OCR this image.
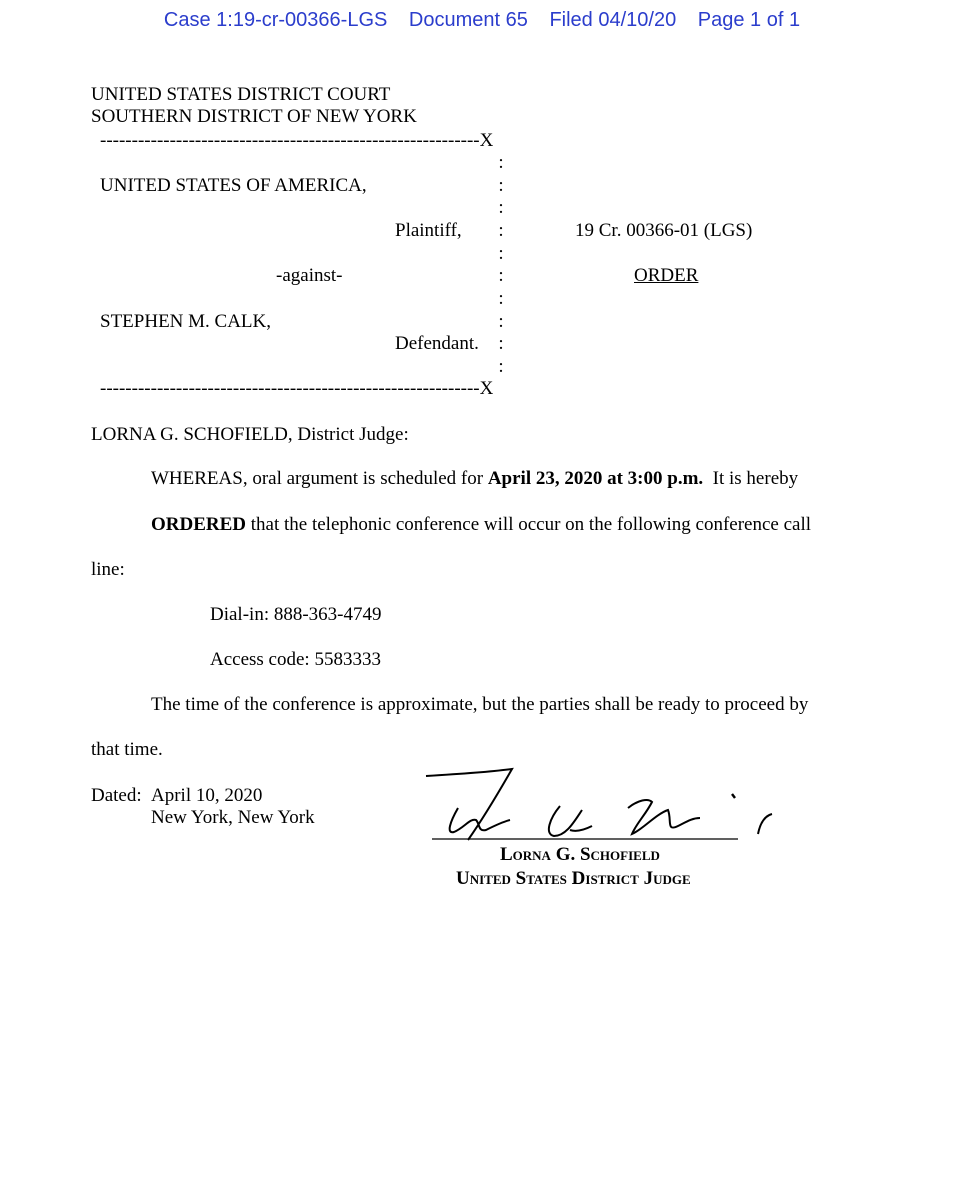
Case 1:19-cr-00366-LGS Document 65 Filed 04/10/20 Page 1 of 1
UNITED STATES DISTRICT COURT
SOUTHERN DISTRICT OF NEW YORK
------------------------------------------------------------X
:
:
:
:
:
:
:
:
:
:
UNITED STATES OF AMERICA,
Plaintiff,
-against-
STEPHEN M. CALK,
Defendant.
------------------------------------------------------------X
19 Cr. 00366-01 (LGS)
ORDER
LORNA G. SCHOFIELD, District Judge:
WHEREAS, oral argument is scheduled for April 23, 2020 at 3:00 p.m.  It is hereby
ORDERED that the telephonic conference will occur on the following conference call
line:
Dial-in: 888-363-4749
Access code: 5583333
The time of the conference is approximate, but the parties shall be ready to proceed by
that time.
Dated: April 10, 2020
New York, New York
Lorna G. Schofield
United States District Judge
